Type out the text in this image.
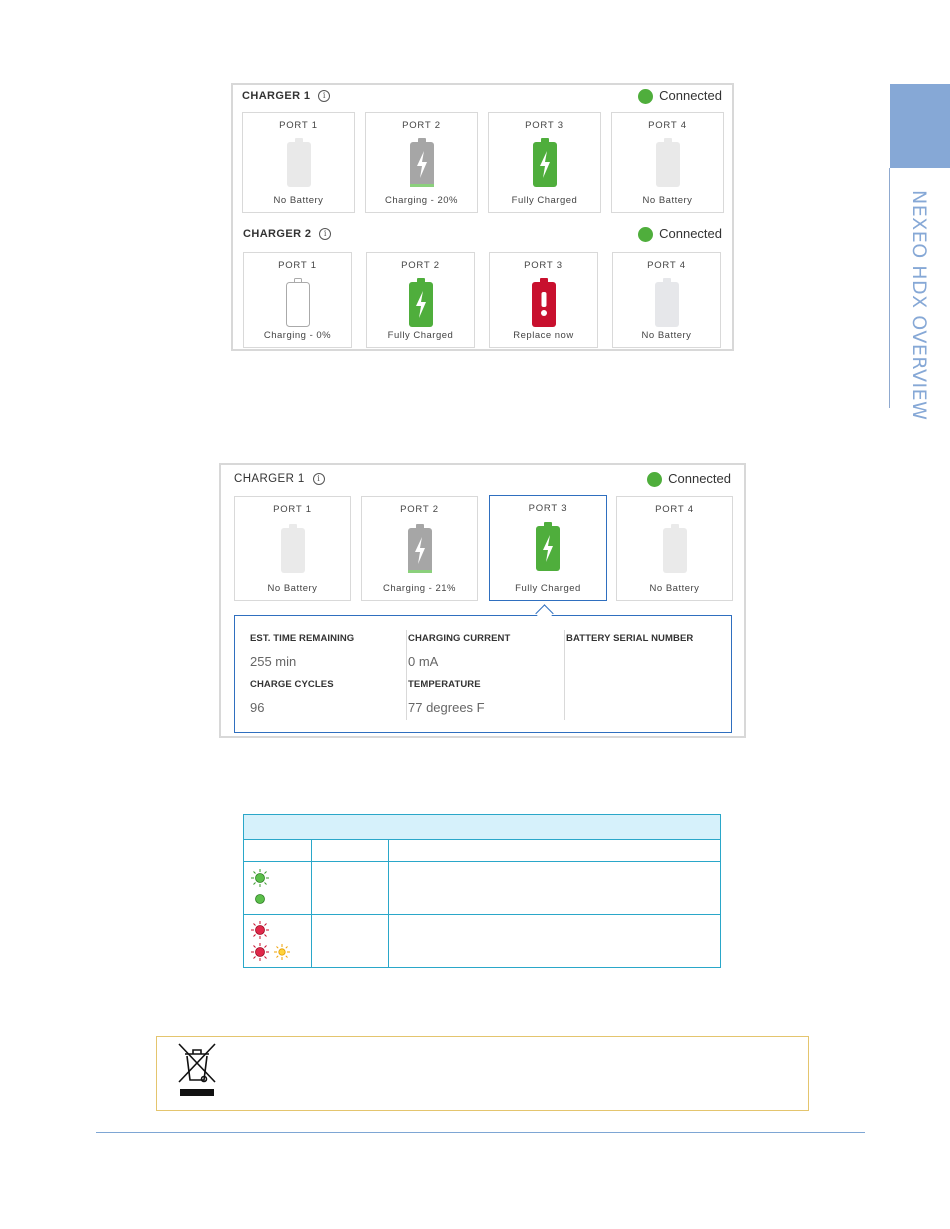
NEXEO HDX OVERVIEW
CHARGER 1 i	Connected
PORT 1
No Battery
PORT 2
Charging - 20%
PORT 3
Fully Charged
PORT 4
No Battery
CHARGER 2 i	Connected
PORT 1
Charging - 0%
PORT 2
Fully Charged
PORT 3
Replace now
PORT 4
No Battery
CHARGER 1 i	Connected
PORT 1
No Battery
PORT 2
Charging - 21%
PORT 3
Fully Charged
PORT 4
No Battery
EST. TIME REMAINING
255 min
CHARGE CYCLES
96
CHARGING CURRENT
0 mA
TEMPERATURE
77 degrees F
BATTERY SERIAL NUMBER
